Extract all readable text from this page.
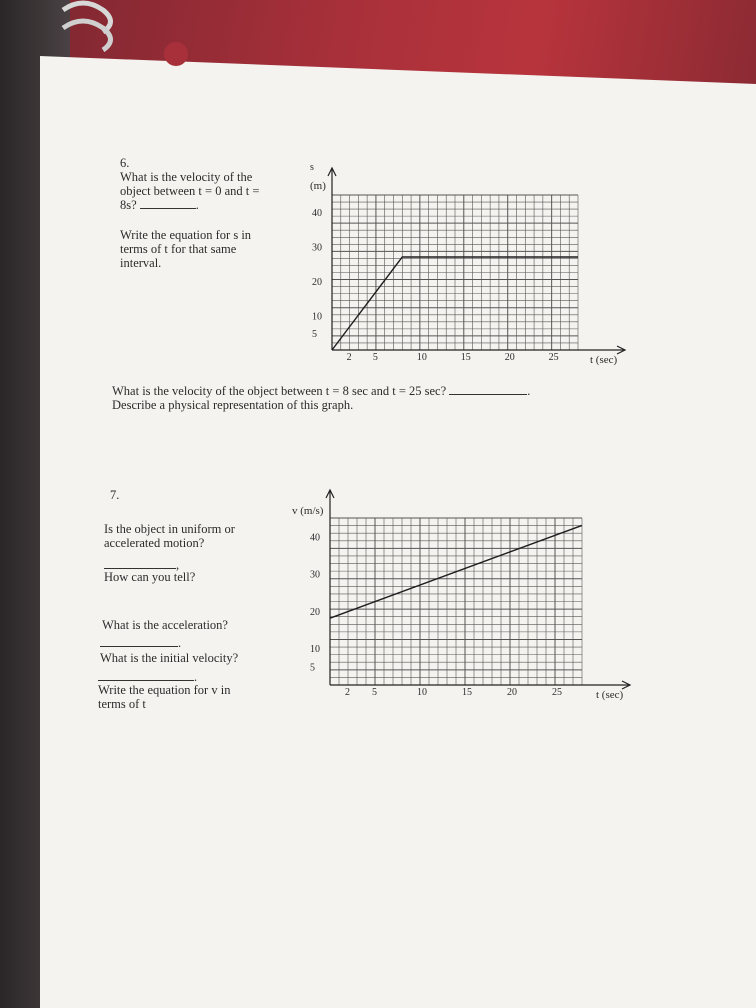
6.
What is the velocity of the
object between t = 0 and t =
8s?	.
Write the equation for s in
terms of t for that same
interval.
What is the velocity of the object between t = 8 sec and t = 25 sec?	.
Describe a physical representation of this graph.
7.
Is the object in uniform or
accelerated motion?
,
How can you tell?
What is the acceleration?
.
What is the initial velocity?
.
Write the equation for v in
terms of t
2 5	10	15	20	25
5
10
20
30
40
s
(m)
t (sec)
2 5	10	15	20	25
5
10
20
30
40
v (m/s)
t (sec)
